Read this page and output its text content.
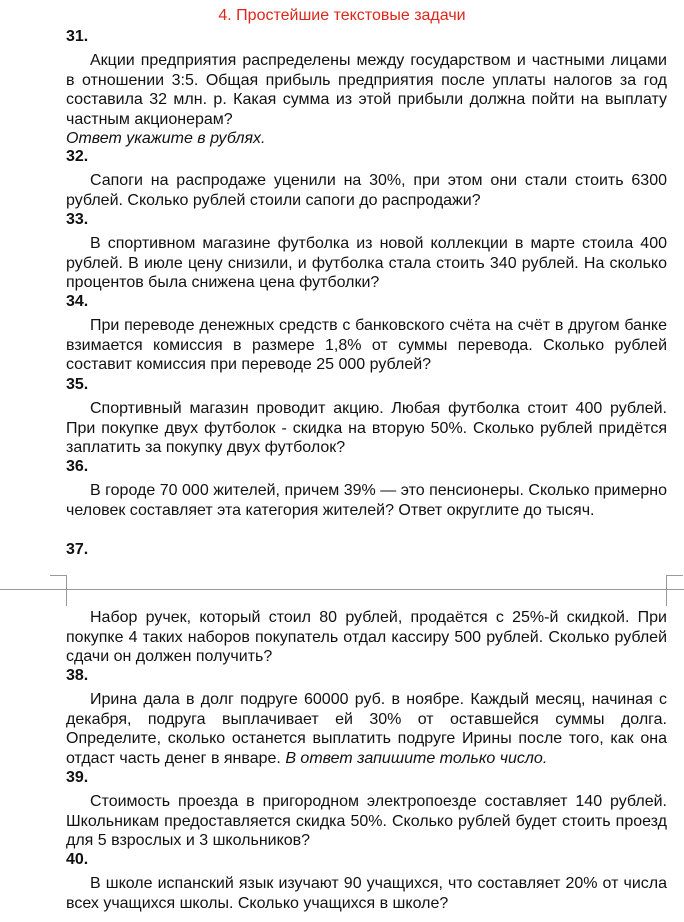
4. Простейшие текстовые задачи
31.

Акции предприятия распределены между государством и частными лицами в отношении 3:5. Общая прибыль предприятия после уплаты налогов за год составила 32 млн. р. Какая сумма из этой прибыли должна пойти на выплату частным акционерам?

Ответ укажите в рублях.

32.

Сапоги на распродаже уценили на 30%, при этом они стали стоить 6300 рублей. Сколько рублей стоили сапоги до распродажи?

33.

В спортивном магазине футболка из новой коллекции в марте стоила 400 рублей. В июле цену снизили, и футболка стала стоить 340 рублей. На сколько процентов была снижена цена футболки?

34.

При переводе денежных средств с банковского счёта на счёт в другом банке взимается комиссия в размере 1,8% от суммы перевода. Сколько рублей составит комиссия при переводе 25 000 рублей?

35.

Спортивный магазин проводит акцию. Любая футболка стоит 400 рублей. При покупке двух футболок - скидка на вторую 50%. Сколько рублей придётся заплатить за покупку двух футболок?

36.

В городе 70 000 жителей, причем 39% — это пенсионеры. Сколько примерно человек составляет эта категория жителей? Ответ округлите до тысяч.

37.

Набор ручек, который стоил 80 рублей, продаётся с 25%-й скидкой. При покупке 4 таких наборов покупатель отдал кассиру 500 рублей. Сколько рублей сдачи он должен получить?

38.

Ирина дала в долг подруге 60000 руб. в ноябре. Каждый месяц, начиная с декабря, подруга выплачивает ей 30% от оставшейся суммы долга. Определите, сколько останется выплатить подруге Ирины после того, как она отдаст часть денег в январе. В ответ запишите только число.

39.

Стоимость проезда в пригородном электропоезде составляет 140 рублей. Школьникам предоставляется скидка 50%. Сколько рублей будет стоить проезд для 5 взрослых и 3 школьников?

40.

В школе испанский язык изучают 90 учащихся, что составляет 20% от числа всех учащихся школы. Сколько учащихся в школе?
